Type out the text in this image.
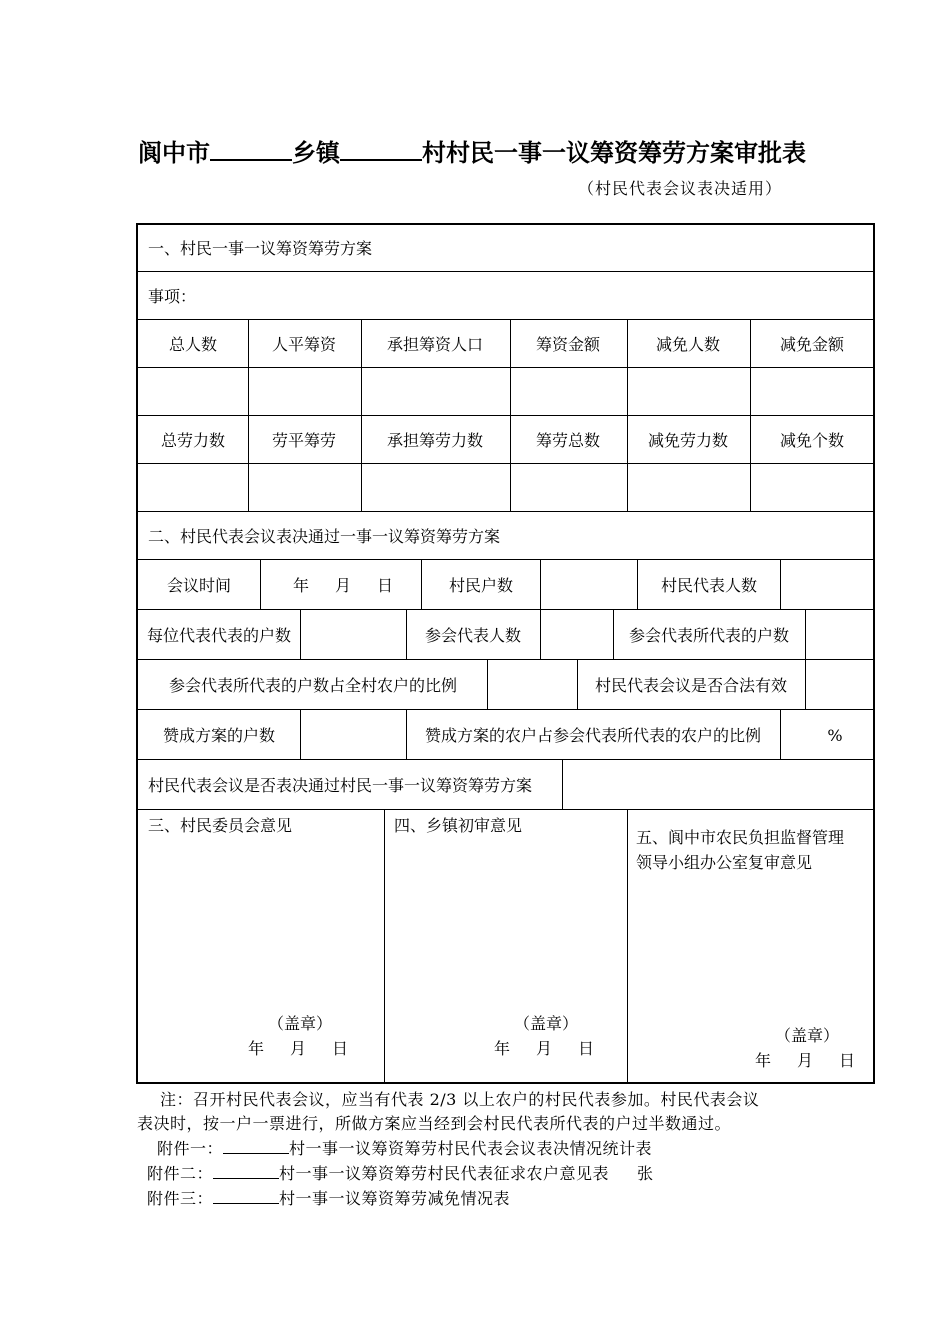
阆中市	乡镇	村村民一事一议筹资筹劳方案审批表
（村民代表会议表决适用）
一、村民一事一议筹资筹劳方案
事项：
总人数	人平筹资	承担筹资人口	筹资金额	减免人数	减免金额
总劳力数	劳平筹劳	承担筹劳力数	筹劳总数	减免劳力数	减免个数
二、村民代表会议表决通过一事一议筹资筹劳方案
会议时间	年 月 日	村民户数	村民代表人数
每位代表代表的户数	参会代表人数	参会代表所代表的户数
参会代表所代表的户数占全村农户的比例	村民代表会议是否合法有效
赞成方案的户数	赞成方案的农户占参会代表所代表的农户的比例	%
村民代表会议是否表决通过村民一事一议筹资筹劳方案
三、村民委员会意见
（盖章）
年 月 日
四、乡镇初审意见
（盖章）
年 月 日
五、阆中市农民负担监督管理
领导小组办公室复审意见
（盖章）
年 月 日
注：召开村民代表会议，应当有代表 2/3 以上农户的村民代表参加。村民代表会议
表决时，按一户一票进行，所做方案应当经到会村民代表所代表的户过半数通过。
附件一：	村一事一议筹资筹劳村民代表会议表决情况统计表
附件二：	村一事一议筹资筹劳村民代表征求农户意见表 张
附件三：	村一事一议筹资筹劳减免情况表
